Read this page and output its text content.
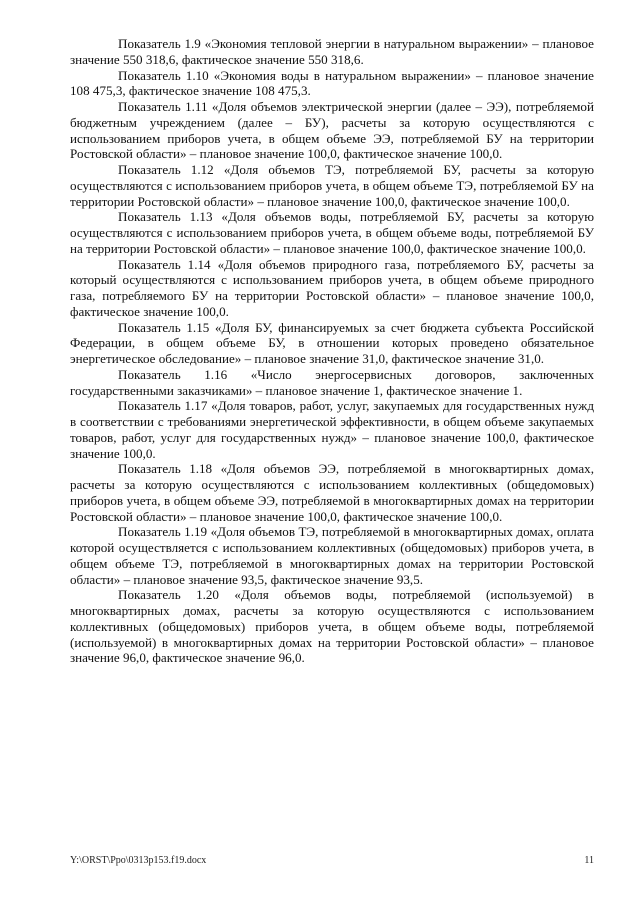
Показатель 1.9 «Экономия тепловой энергии в натуральном выражении» – плановое значение 550 318,6, фактическое значение 550 318,6.

Показатель 1.10 «Экономия воды в натуральном выражении» – плановое значение 108 475,3, фактическое значение 108 475,3.

Показатель 1.11 «Доля объемов электрической энергии (далее – ЭЭ), потребляемой бюджетным учреждением (далее – БУ), расчеты за которую осуществляются с использованием приборов учета, в общем объеме ЭЭ, потребляемой БУ на территории Ростовской области» – плановое значение 100,0, фактическое значение 100,0.

Показатель 1.12 «Доля объемов ТЭ, потребляемой БУ, расчеты за которую осуществляются с использованием приборов учета, в общем объеме ТЭ, потребляемой БУ на территории Ростовской области» – плановое значение 100,0, фактическое значение 100,0.

Показатель 1.13 «Доля объемов воды, потребляемой БУ, расчеты за которую осуществляются с использованием приборов учета, в общем объеме воды, потребляемой БУ на территории Ростовской области» – плановое значение 100,0, фактическое значение 100,0.

Показатель 1.14 «Доля объемов природного газа, потребляемого БУ, расчеты за который осуществляются с использованием приборов учета, в общем объеме природного газа, потребляемого БУ на территории Ростовской области» – плановое значение 100,0, фактическое значение 100,0.

Показатель 1.15 «Доля БУ, финансируемых за счет бюджета субъекта Российской Федерации, в общем объеме БУ, в отношении которых проведено обязательное энергетическое обследование» – плановое значение 31,0, фактическое значение 31,0.

Показатель 1.16 «Число энергосервисных договоров, заключенных государственными заказчиками» – плановое значение 1, фактическое значение 1.

Показатель 1.17 «Доля товаров, работ, услуг, закупаемых для государственных нужд в соответствии с требованиями энергетической эффективности, в общем объеме закупаемых товаров, работ, услуг для государственных нужд» – плановое значение 100,0, фактическое значение 100,0.

Показатель 1.18 «Доля объемов ЭЭ, потребляемой в многоквартирных домах, расчеты за которую осуществляются с использованием коллективных (общедомовых) приборов учета, в общем объеме ЭЭ, потребляемой в многоквартирных домах на территории Ростовской области» – плановое значение 100,0, фактическое значение 100,0.

Показатель 1.19 «Доля объемов ТЭ, потребляемой в многоквартирных домах, оплата которой осуществляется с использованием коллективных (общедомовых) приборов учета, в общем объеме ТЭ, потребляемой в многоквартирных домах на территории Ростовской области» – плановое значение 93,5, фактическое значение 93,5.

Показатель 1.20 «Доля объемов воды, потребляемой (используемой) в многоквартирных домах, расчеты за которую осуществляются с использованием коллективных (общедомовых) приборов учета, в общем объеме воды, потребляемой (используемой) в многоквартирных домах на территории Ростовской области» – плановое значение 96,0, фактическое значение 96,0.

Y:\ORST\Ppo\0313p153.f19.docx	11
